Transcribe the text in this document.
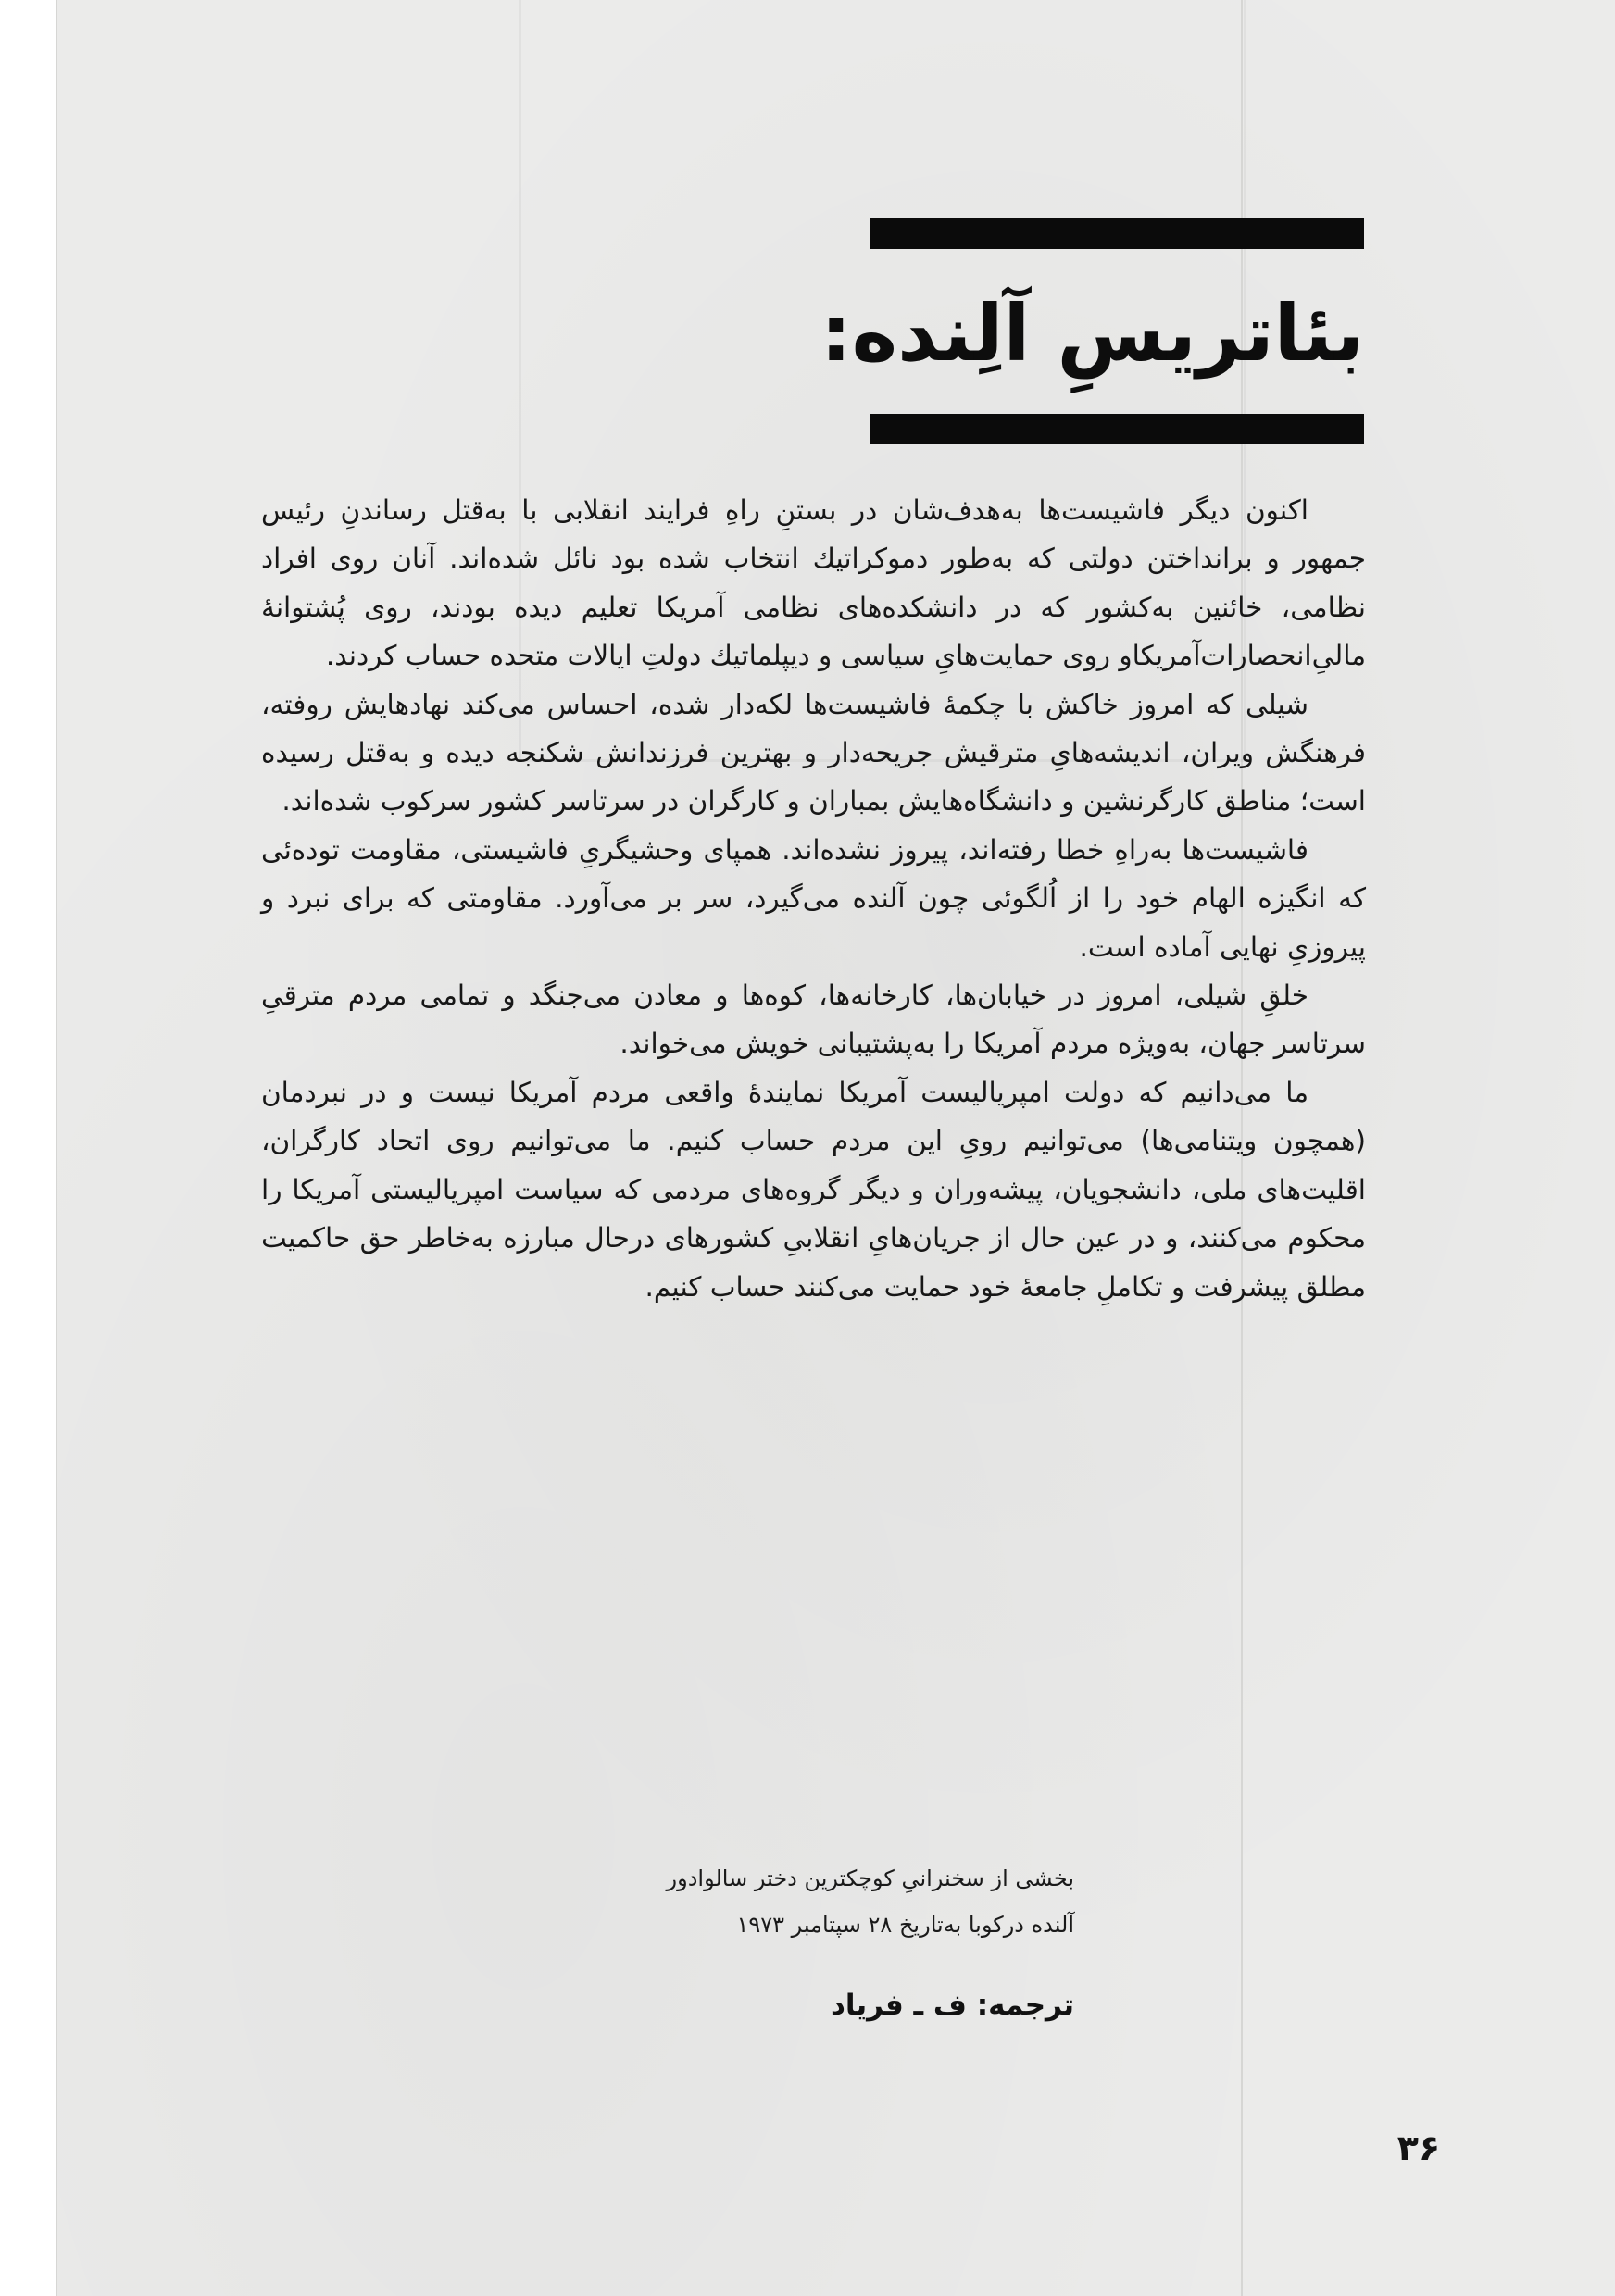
بئاتریسِ آلِنده:

اکنون دیگر فاشیست‌ها به‌هدف‌شان در بستنِ راهِ فرایند انقلابی با به‌قتل رساندنِ رئیس جمهور و برانداختن دولتی که به‌طور دموکراتیك انتخاب شده بود نائل شده‌اند. آنان روی افراد نظامی، خائنین به‌کشور که در دانشکده‌های نظامی آمریکا تعلیم دیده بودند، روی پُشتوانهٔ مالیِ‌انحصارات‌آمریکاو روی حمایت‌هایِ سیاسی و دیپلماتیك دولتِ ایالات متحده حساب کردند.

شیلی که امروز خاکش با چکمهٔ فاشیست‌ها لکه‌دار شده، احساس می‌کند نهادهایش روفته، فرهنگش ویران، اندیشه‌هایِ مترقیش جریحه‌دار و بهترین فرزندانش شکنجه دیده و به‌قتل رسیده است؛ مناطق کارگرنشین و دانشگاه‌هایش بمباران و کارگران در سرتاسر کشور سرکوب شده‌اند.

فاشیست‌ها به‌راهِ خطا رفته‌اند، پیروز نشده‌اند. همپای وحشیگریِ فاشیستی، مقاومت توده‌ئی که انگیزه الهام خود را از اُلگوئی چون آلنده می‌گیرد، سر بر می‌آورد. مقاومتی که برای نبرد و پیروزیِ نهایی آماده است.

خلقِ شیلی، امروز در خیابان‌ها، کارخانه‌ها، کوه‌ها و معادن می‌جنگد و تمامی مردم مترقیِ سرتاسر جهان، به‌ویژه مردم آمریکا را به‌پشتیبانی خویش می‌خواند.

ما می‌دانیم که دولت امپریالیست آمریکا نمایندهٔ واقعی مردم آمریکا نیست و در نبردمان (همچون ویتنامی‌ها) می‌توانیم رویِ این مردم حساب کنیم. ما می‌توانیم روی اتحاد کارگران، اقلیت‌های ملی، دانشجویان، پیشه‌وران و دیگر گروه‌های مردمی که سیاست امپریالیستی آمریکا را محکوم می‌کنند، و در عین حال از جریان‌هایِ انقلابیِ کشورهای درحال مبارزه به‌خاطر حق حاکمیت مطلق پیشرفت و تکاملِ جامعهٔ خود حمایت می‌کنند حساب کنیم.

بخشی از سخنرانیِ کوچکترین دختر سالوادور
آلنده درکوبا به‌تاریخ ۲۸ سپتامبر ۱۹۷۳
ترجمه: ف ـ فریاد
۳۶
